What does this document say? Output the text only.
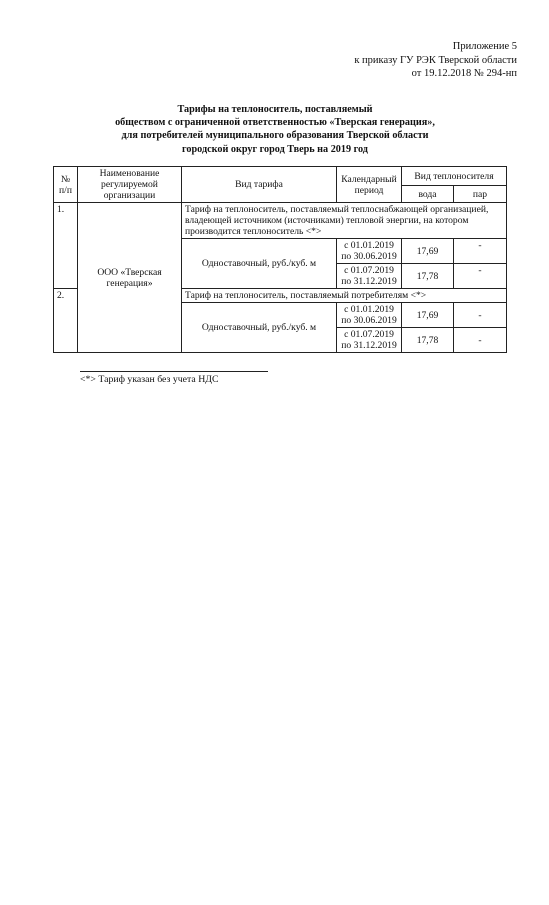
Приложение 5
к приказу ГУ РЭК Тверской области
от 19.12.2018 № 294-нп
Тарифы на теплоноситель, поставляемый
обществом с ограниченной ответственностью «Тверская генерация»,
для потребителей муниципального образования Тверской области
городской округ город Тверь на 2019 год
№ п/п	Наименование регулируемой организации	Вид тарифа	Календарный период	Вид теплоносителя	
				вода	пар
1.	ООО «Тверская генерация»	Тариф на теплоноситель, поставляемый теплоснабжающей организацией, владеющей источником (источниками) тепловой энергии, на котором производится теплоноситель <*>			
		Одноставочный, руб./куб. м	с 01.01.2019 по 30.06.2019	17,69	-
			с 01.07.2019 по 31.12.2019	17,78	-
2.		Тариф на теплоноситель, поставляемый потребителям <*>			
		Одноставочный, руб./куб. м	с 01.01.2019 по 30.06.2019	17,69	-
			с 01.07.2019 по 31.12.2019	17,78	-
<*> Тариф указан без учета НДС
